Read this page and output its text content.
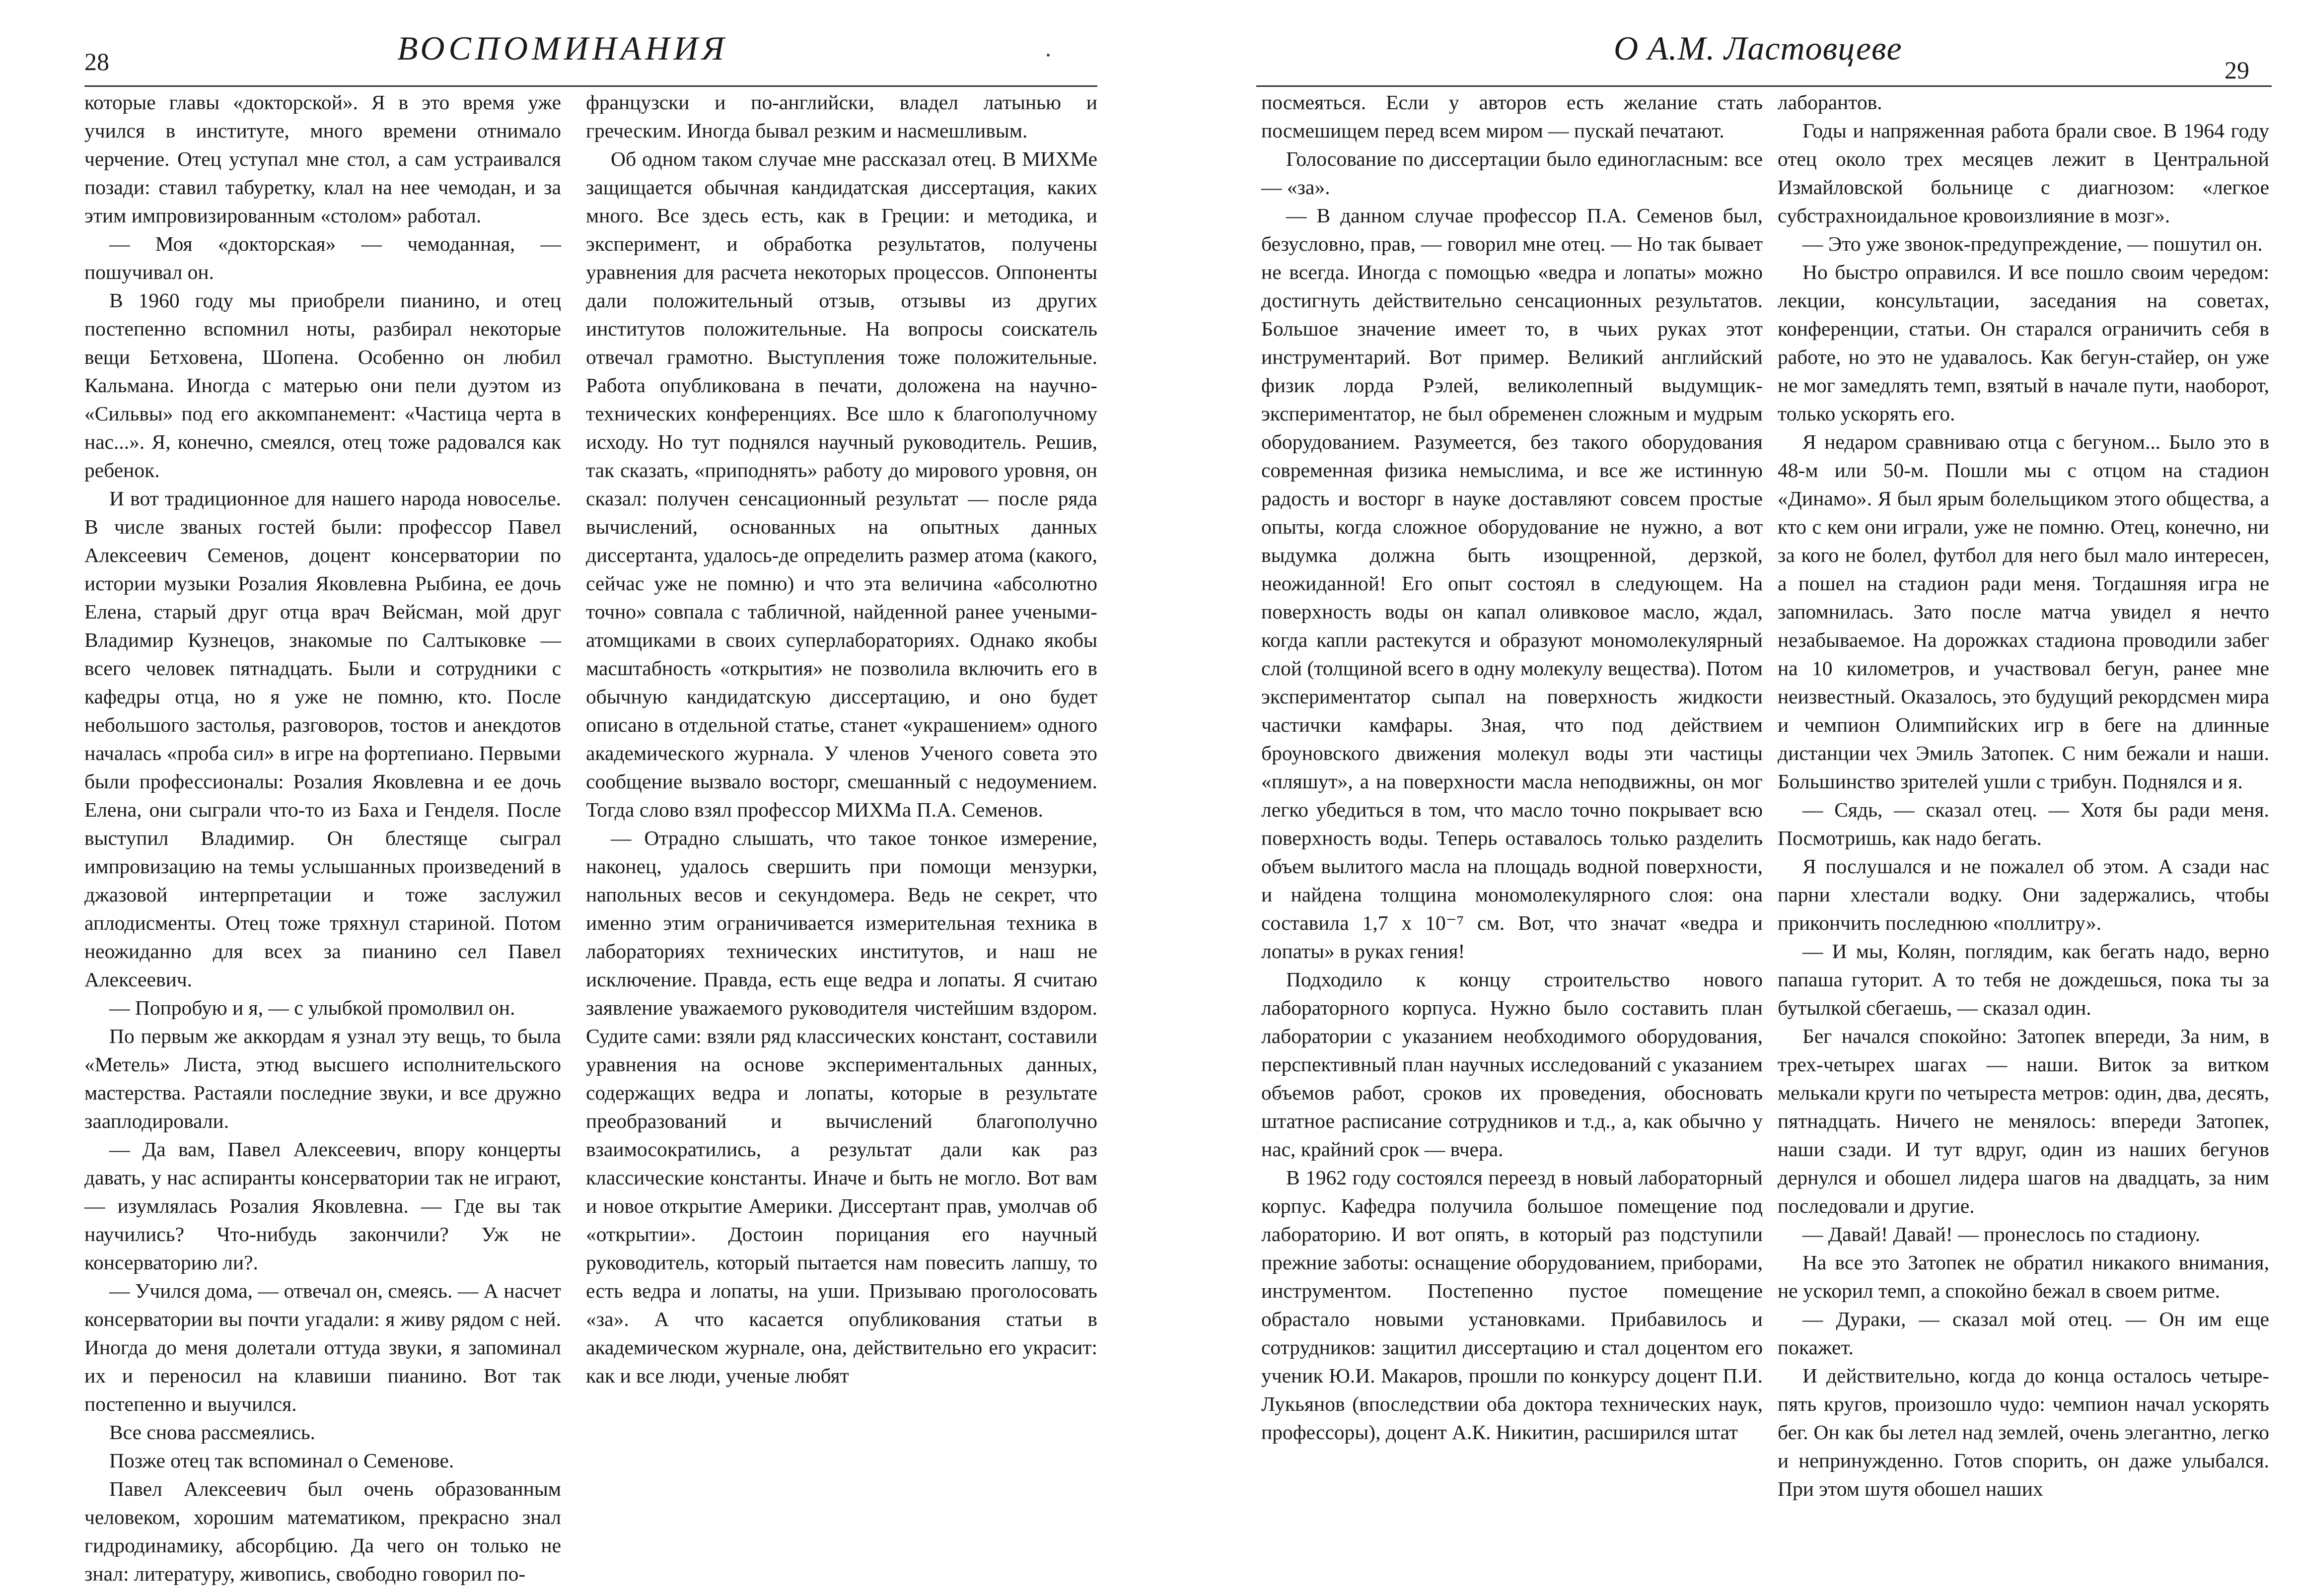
28	ВОСПОМИНАНИЯ

которые главы «докторской». Я в это время уже учился в институте, много времени отнимало черчение. Отец уступал мне стол, а сам устраивался позади: ставил табуретку, клал на нее чемодан, и за этим импровизированным «столом» работал.

— Моя «докторская» — чемоданная, — пошучивал он.

В 1960 году мы приобрели пианино, и отец постепенно вспомнил ноты, разбирал некоторые вещи Бетховена, Шопена. Особенно он любил Кальмана. Иногда с матерью они пели дуэтом из «Сильвы» под его аккомпанемент: «Частица черта в нас...». Я, конечно, смеялся, отец тоже радовался как ребенок.

И вот традиционное для нашего народа новоселье. В числе званых гостей были: профессор Павел Алексеевич Семенов, доцент консерватории по истории музыки Розалия Яковлевна Рыбина, ее дочь Елена, старый друг отца врач Вейсман, мой друг Владимир Кузнецов, знакомые по Салтыковке — всего человек пятнадцать. Были и сотрудники с кафедры отца, но я уже не помню, кто. После небольшого застолья, разговоров, тостов и анекдотов началась «проба сил» в игре на фортепиано. Первыми были профессионалы: Розалия Яковлевна и ее дочь Елена, они сыграли что-то из Баха и Генделя. После выступил Владимир. Он блестяще сыграл импровизацию на темы услышанных произведений в джазовой интерпретации и тоже заслужил аплодисменты. Отец тоже тряхнул стариной. Потом неожиданно для всех за пианино сел Павел Алексеевич.

— Попробую и я, — с улыбкой промолвил он.

По первым же аккордам я узнал эту вещь, то была «Метель» Листа, этюд высшего исполнительского мастерства. Растаяли последние звуки, и все дружно зааплодировали.

— Да вам, Павел Алексеевич, впору концерты давать, у нас аспиранты консерватории так не играют, — изумлялась Розалия Яковлевна. — Где вы так научились? Что-нибудь закончили? Уж не консерваторию ли?.

— Учился дома, — отвечал он, смеясь. — А насчет консерватории вы почти угадали: я живу рядом с ней. Иногда до меня долетали оттуда звуки, я запоминал их и переносил на клавиши пианино. Вот так постепенно и выучился.

Все снова рассмеялись.

Позже отец так вспоминал о Семенове.

Павел Алексеевич был очень образованным человеком, хорошим математиком, прекрасно знал гидродинамику, абсорбцию. Да чего он только не знал: литературу, живопись, свободно говорил по-

французски и по-английски, владел латынью и греческим. Иногда бывал резким и насмешливым.

Об одном таком случае мне рассказал отец. В МИХМе защищается обычная кандидатская диссертация, каких много. Все здесь есть, как в Греции: и методика, и эксперимент, и обработка результатов, получены уравнения для расчета некоторых процессов. Оппоненты дали положительный отзыв, отзывы из других институтов положительные. На вопросы соискатель отвечал грамотно. Выступления тоже положительные. Работа опубликована в печати, доложена на научно-технических конференциях. Все шло к благополучному исходу. Но тут поднялся научный руководитель. Решив, так сказать, «приподнять» работу до мирового уровня, он сказал: получен сенсационный результат — после ряда вычислений, основанных на опытных данных диссертанта, удалось-де определить размер атома (какого, сейчас уже не помню) и что эта величина «абсолютно точно» совпала с табличной, найденной ранее учеными-атомщиками в своих суперлабораториях. Однако якобы масштабность «открытия» не позволила включить его в обычную кандидатскую диссертацию, и оно будет описано в отдельной статье, станет «украшением» одного академического журнала. У членов Ученого совета это сообщение вызвало восторг, смешанный с недоумением. Тогда слово взял профессор МИХМа П.А. Семенов.

— Отрадно слышать, что такое тонкое измерение, наконец, удалось свершить при помощи мензурки, напольных весов и секундомера. Ведь не секрет, что именно этим ограничивается измерительная техника в лабораториях технических институтов, и наш не исключение. Правда, есть еще ведра и лопаты. Я считаю заявление уважаемого руководителя чистейшим вздором. Судите сами: взяли ряд классических констант, составили уравнения на основе экспериментальных данных, содержащих ведра и лопаты, которые в результате преобразований и вычислений благополучно взаимосократились, а результат дали как раз классические константы. Иначе и быть не могло. Вот вам и новое открытие Америки. Диссертант прав, умолчав об «открытии». Достоин порицания его научный руководитель, который пытается нам повесить лапшу, то есть ведра и лопаты, на уши. Призываю проголосовать «за». А что касается опубликования статьи в академическом журнале, она, действительно его украсит: как и все люди, ученые любят

О А.М. Ластовцеве
29

посмеяться. Если у авторов есть желание стать посмешищем перед всем миром — пускай печатают.

Голосование по диссертации было единогласным: все — «за».

— В данном случае профессор П.А. Семенов был, безусловно, прав, — говорил мне отец. — Но так бывает не всегда. Иногда с помощью «ведра и лопаты» можно достигнуть действительно сенсационных результатов. Большое значение имеет то, в чьих руках этот инструментарий. Вот пример. Великий английский физик лорда Рэлей, великолепный выдумщик-экспериментатор, не был обременен сложным и мудрым оборудованием. Разумеется, без такого оборудования современная физика немыслима, и все же истинную радость и восторг в науке доставляют совсем простые опыты, когда сложное оборудование не нужно, а вот выдумка должна быть изощренной, дерзкой, неожиданной! Его опыт состоял в следующем. На поверхность воды он капал оливковое масло, ждал, когда капли растекутся и образуют мономолекулярный слой (толщиной всего в одну молекулу вещества). Потом экспериментатор сыпал на поверхность жидкости частички камфары. Зная, что под действием броуновского движения молекул воды эти частицы «пляшут», а на поверхности масла неподвижны, он мог легко убедиться в том, что масло точно покрывает всю поверхность воды. Теперь оставалось только разделить объем вылитого масла на площадь водной поверхности, и найдена толщина мономолекулярного слоя: она составила 1,7 х 10⁻⁷ см. Вот, что значат «ведра и лопаты» в руках гения!

Подходило к концу строительство нового лабораторного корпуса. Нужно было составить план лаборатории с указанием необходимого оборудования, перспективный план научных исследований с указанием объемов работ, сроков их проведения, обосновать штатное расписание сотрудников и т.д., а, как обычно у нас, крайний срок — вчера.

В 1962 году состоялся переезд в новый лабораторный корпус. Кафедра получила большое помещение под лабораторию. И вот опять, в который раз подступили прежние заботы: оснащение оборудованием, приборами, инструментом. Постепенно пустое помещение обрастало новыми установками. Прибавилось и сотрудников: защитил диссертацию и стал доцентом его ученик Ю.И. Макаров, прошли по конкурсу доцент П.И. Лукьянов (впоследствии оба доктора технических наук, профессоры), доцент А.К. Никитин, расширился штат

лаборантов.

Годы и напряженная работа брали свое. В 1964 году отец около трех месяцев лежит в Центральной Измайловской больнице с диагнозом: «легкое субстрахноидальное кровоизлияние в мозг».

— Это уже звонок-предупреждение, — пошутил он.

Но быстро оправился. И все пошло своим чередом: лекции, консультации, заседания на советах, конференции, статьи. Он старался ограничить себя в работе, но это не удавалось. Как бегун-стайер, он уже не мог замедлять темп, взятый в начале пути, наоборот, только ускорять его.

Я недаром сравниваю отца с бегуном... Было это в 48-м или 50-м. Пошли мы с отцом на стадион «Динамо». Я был ярым болельщиком этого общества, а кто с кем они играли, уже не помню. Отец, конечно, ни за кого не болел, футбол для него был мало интересен, а пошел на стадион ради меня. Тогдашняя игра не запомнилась. Зато после матча увидел я нечто незабываемое. На дорожках стадиона проводили забег на 10 километров, и участвовал бегун, ранее мне неизвестный. Оказалось, это будущий рекордсмен мира и чемпион Олимпийских игр в беге на длинные дистанции чех Эмиль Затопек. С ним бежали и наши. Большинство зрителей ушли с трибун. Поднялся и я.

— Сядь, — сказал отец. — Хотя бы ради меня. Посмотришь, как надо бегать.

Я послушался и не пожалел об этом. А сзади нас парни хлестали водку. Они задержались, чтобы прикончить последнюю «поллитру».

— И мы, Колян, поглядим, как бегать надо, верно папаша гуторит. А то тебя не дождешься, пока ты за бутылкой сбегаешь, — сказал один.

Бег начался спокойно: Затопек впереди, За ним, в трех-четырех шагах — наши. Виток за витком мелькали круги по четыреста метров: один, два, десять, пятнадцать. Ничего не менялось: впереди Затопек, наши сзади. И тут вдруг, один из наших бегунов дернулся и обошел лидера шагов на двадцать, за ним последовали и другие.

— Давай! Давай! — пронеслось по стадиону.

На все это Затопек не обратил никакого внимания, не ускорил темп, а спокойно бежал в своем ритме.

— Дураки, — сказал мой отец. — Он им еще покажет.

И действительно, когда до конца осталось четыре-пять кругов, произошло чудо: чемпион начал ускорять бег. Он как бы летел над землей, очень элегантно, легко и непринужденно. Готов спорить, он даже улыбался. При этом шутя обошел наших
